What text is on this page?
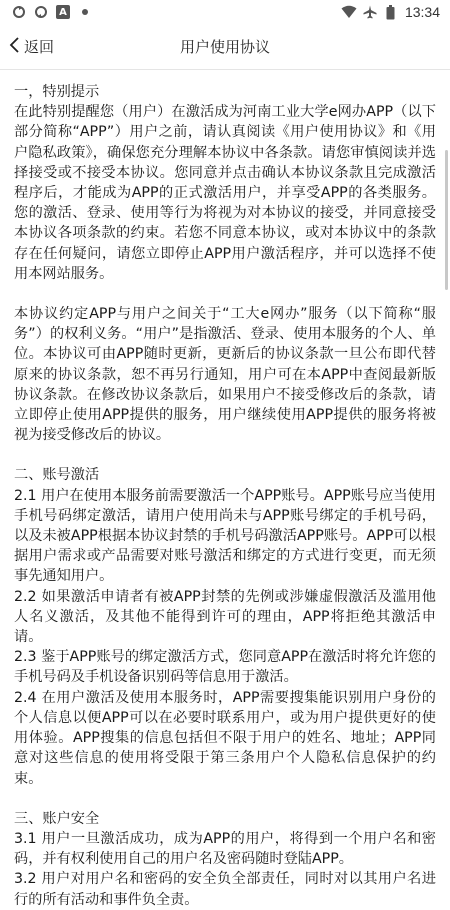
A	13:34
返回	用户使用协议

一，特别提示

在此特别提醒您（用户）在激活成为河南工业大学e网办APP（以下部分简称“APP”）用户之前，请认真阅读《用户使用协议》和《用户隐私政策》，确保您充分理解本协议中各条款。请您审慎阅读并选择接受或不接受本协议。您同意并点击确认本协议条款且完成激活程序后，才能成为APP的正式激活用户，并享受APP的各类服务。您的激活、登录、使用等行为将视为对本协议的接受，并同意接受本协议各项条款的约束。若您不同意本协议，或对本协议中的条款存在任何疑问，请您立即停止APP用户激活程序，并可以选择不使用本网站服务。

本协议约定APP与用户之间关于“工大e网办”服务（以下简称“服务”）的权利义务。“用户”是指激活、登录、使用本服务的个人、单位。本协议可由APP随时更新，更新后的协议条款一旦公布即代替原来的协议条款，恕不再另行通知，用户可在本APP中查阅最新版协议条款。在修改协议条款后，如果用户不接受修改后的条款，请立即停止使用APP提供的服务，用户继续使用APP提供的服务将被视为接受修改后的协议。

二、账号激活

2.1 用户在使用本服务前需要激活一个APP账号。APP账号应当使用手机号码绑定激活，请用户使用尚未与APP账号绑定的手机号码，以及未被APP根据本协议封禁的手机号码激活APP账号。APP可以根据用户需求或产品需要对账号激活和绑定的方式进行变更，而无须事先通知用户。

2.2 如果激活申请者有被APP封禁的先例或涉嫌虚假激活及滥用他人名义激活，及其他不能得到许可的理由，APP将拒绝其激活申请。

2.3 鉴于APP账号的绑定激活方式，您同意APP在激活时将允许您的手机号码及手机设备识别码等信息用于激活。

2.4 在用户激活及使用本服务时，APP需要搜集能识别用户身份的个人信息以便APP可以在必要时联系用户，或为用户提供更好的使用体验。APP搜集的信息包括但不限于用户的姓名、地址；APP同意对这些信息的使用将受限于第三条用户个人隐私信息保护的约束。

三、账户安全

3.1 用户一旦激活成功，成为APP的用户，将得到一个用户名和密码，并有权利使用自己的用户名及密码随时登陆APP。

3.2 用户对用户名和密码的安全负全部责任，同时对以其用户名进行的所有活动和事件负全责。
